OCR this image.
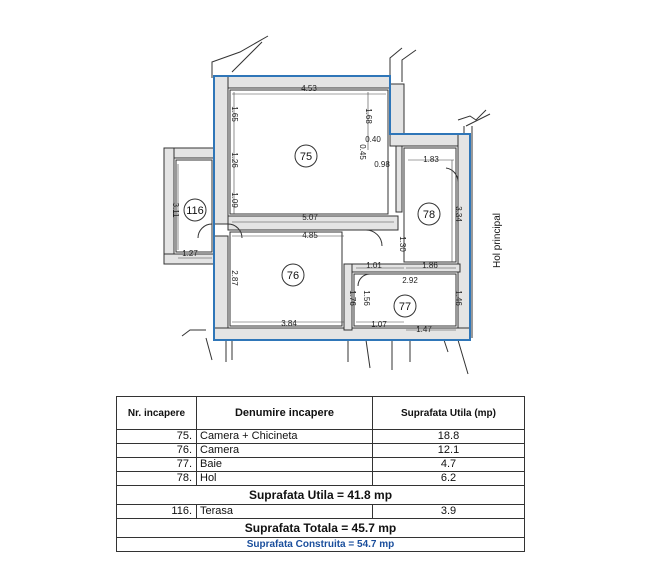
4.53
1.65	1.68
0.40
0.45	1.83
0.98
1.26
1.09
3.11
5.07
4.85
3.34
1.30
1.01	1.86
2.92
2.87
1.27
1.76 1.56	1.46
3.84	1.07
1.47
75
76
77
78
116
Hol principal
Nr. incapere	Denumire incapere	Suprafata Utila (mp)
75.	Camera + Chicineta	18.8
76.	Camera	12.1
77.	Baie	4.7
78.	Hol	6.2
Suprafata Utila = 41.8 mp		
116.	Terasa	3.9
Suprafata Totala = 45.7 mp		
Suprafata Construita = 54.7 mp		
